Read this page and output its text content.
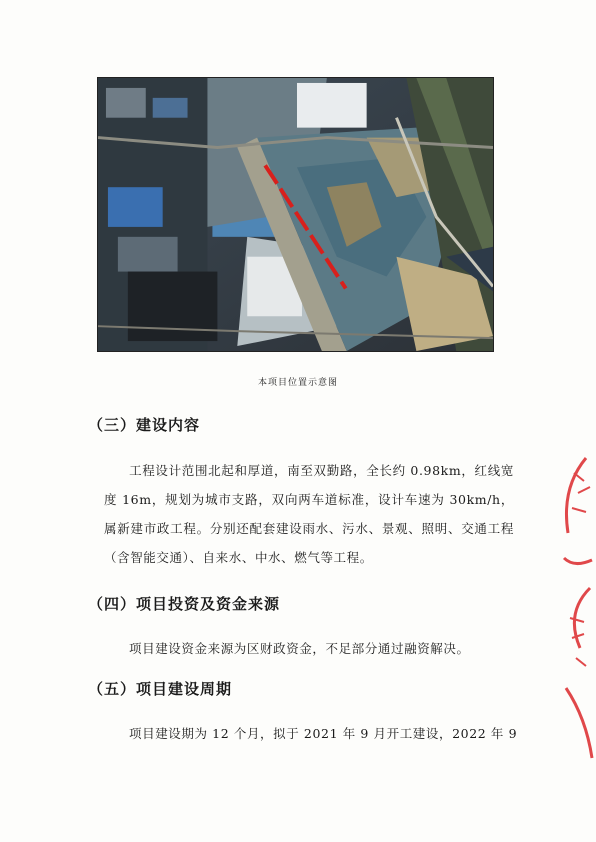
本项目位置示意图
（三）建设内容
工程设计范围北起和厚道，南至双勤路，全长约 0.98km，红线宽度 16m，规划为城市支路，双向两车道标准，设计车速为 30km/h，属新建市政工程。分别还配套建设雨水、污水、景观、照明、交通工程 （含智能交通）、自来水、中水、燃气等工程。
（四）项目投资及资金来源
项目建设资金来源为区财政资金，不足部分通过融资解决。
（五）项目建设周期
项目建设期为 12 个月，拟于 2021 年 9 月开工建设，2022 年 9
